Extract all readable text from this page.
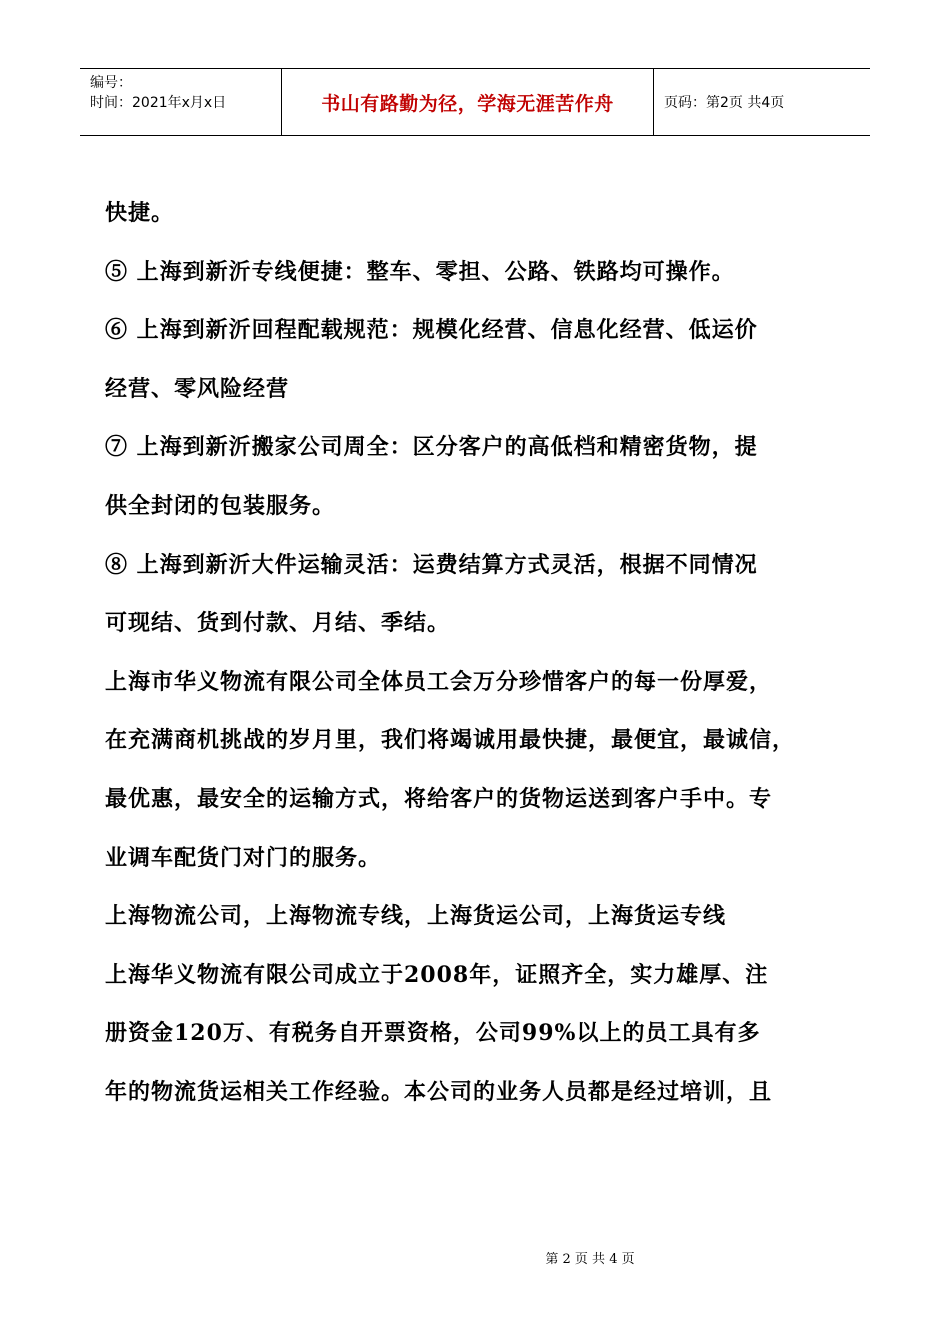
编号：
时间：2021年x月x日	书山有路勤为径，学海无涯苦作舟	页码：第2页 共4页
快捷。
⑤ 上海到新沂专线便捷：整车、零担、公路、铁路均可操作。
⑥ 上海到新沂回程配载规范：规模化经营、信息化经营、低运价
经营、零风险经营
⑦ 上海到新沂搬家公司周全：区分客户的高低档和精密货物，提
供全封闭的包装服务。
⑧ 上海到新沂大件运输灵活：运费结算方式灵活，根据不同情况
可现结、货到付款、月结、季结。
上海市华义物流有限公司全体员工会万分珍惜客户的每一份厚爱，
在充满商机挑战的岁月里，我们将竭诚用最快捷，最便宜，最诚信，
最优惠，最安全的运输方式，将给客户的货物运送到客户手中。专
业调车配货门对门的服务。
上海物流公司，上海物流专线，上海货运公司，上海货运专线
上海华义物流有限公司成立于2008年，证照齐全，实力雄厚、注
册资金120万、有税务自开票资格，公司99%以上的员工具有多
年的物流货运相关工作经验。本公司的业务人员都是经过培训，且
第 2 页 共 4 页
